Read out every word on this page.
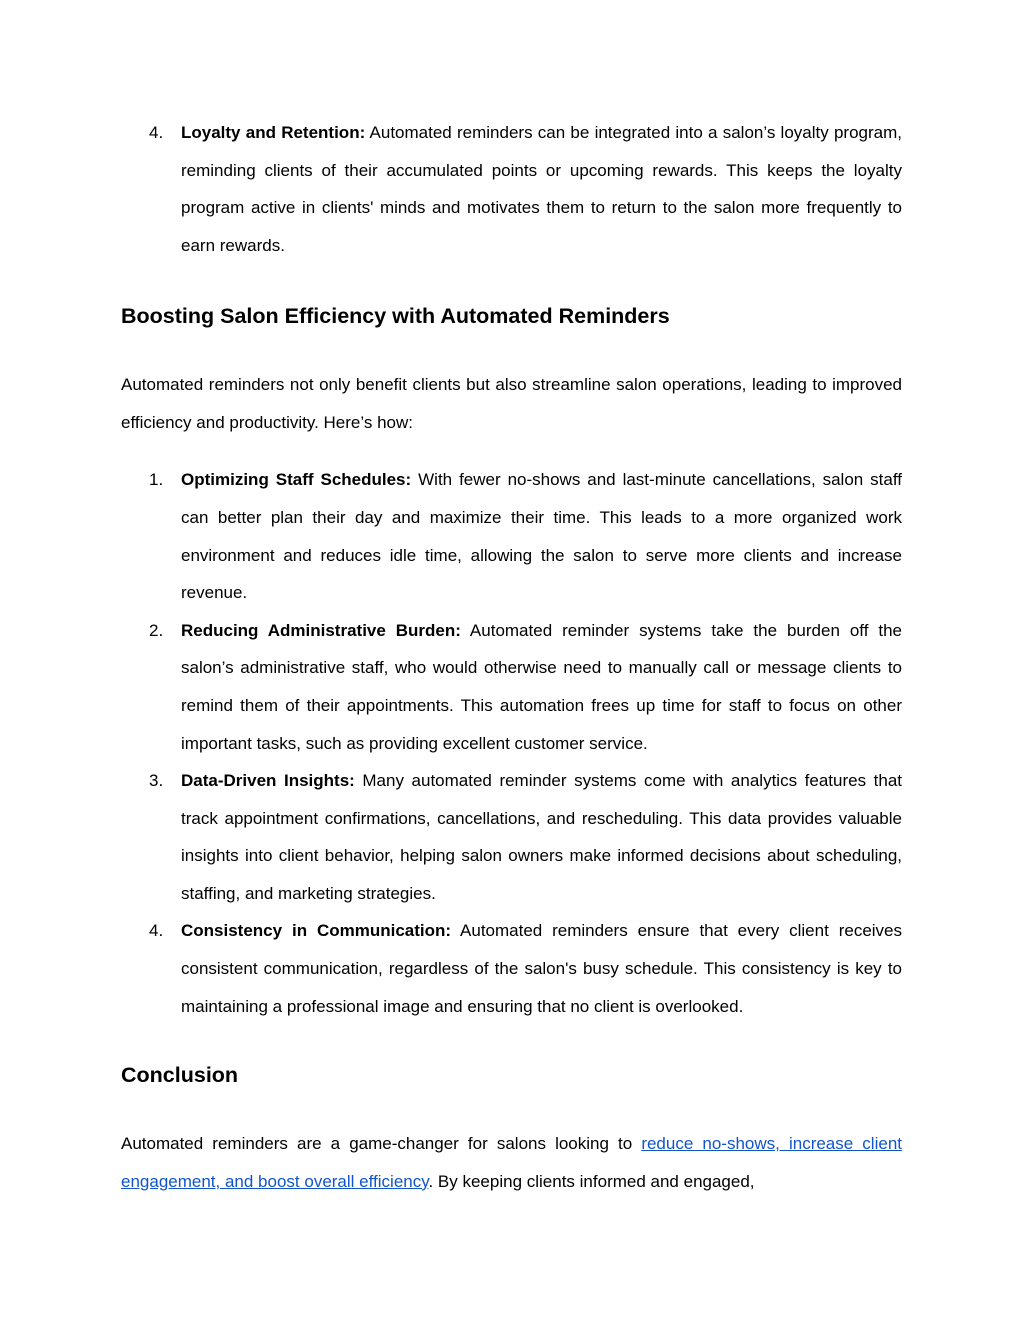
4. Loyalty and Retention: Automated reminders can be integrated into a salon’s loyalty program, reminding clients of their accumulated points or upcoming rewards. This keeps the loyalty program active in clients' minds and motivates them to return to the salon more frequently to earn rewards.
Boosting Salon Efficiency with Automated Reminders

Automated reminders not only benefit clients but also streamline salon operations, leading to improved efficiency and productivity. Here’s how:

1. Optimizing Staff Schedules: With fewer no-shows and last-minute cancellations, salon staff can better plan their day and maximize their time. This leads to a more organized work environment and reduces idle time, allowing the salon to serve more clients and increase revenue.
2. Reducing Administrative Burden: Automated reminder systems take the burden off the salon’s administrative staff, who would otherwise need to manually call or message clients to remind them of their appointments. This automation frees up time for staff to focus on other important tasks, such as providing excellent customer service.
3. Data-Driven Insights: Many automated reminder systems come with analytics features that track appointment confirmations, cancellations, and rescheduling. This data provides valuable insights into client behavior, helping salon owners make informed decisions about scheduling, staffing, and marketing strategies.
4. Consistency in Communication: Automated reminders ensure that every client receives consistent communication, regardless of the salon's busy schedule. This consistency is key to maintaining a professional image and ensuring that no client is overlooked.
Conclusion

Automated reminders are a game-changer for salons looking to reduce no-shows, increase client engagement, and boost overall efficiency. By keeping clients informed and engaged,
